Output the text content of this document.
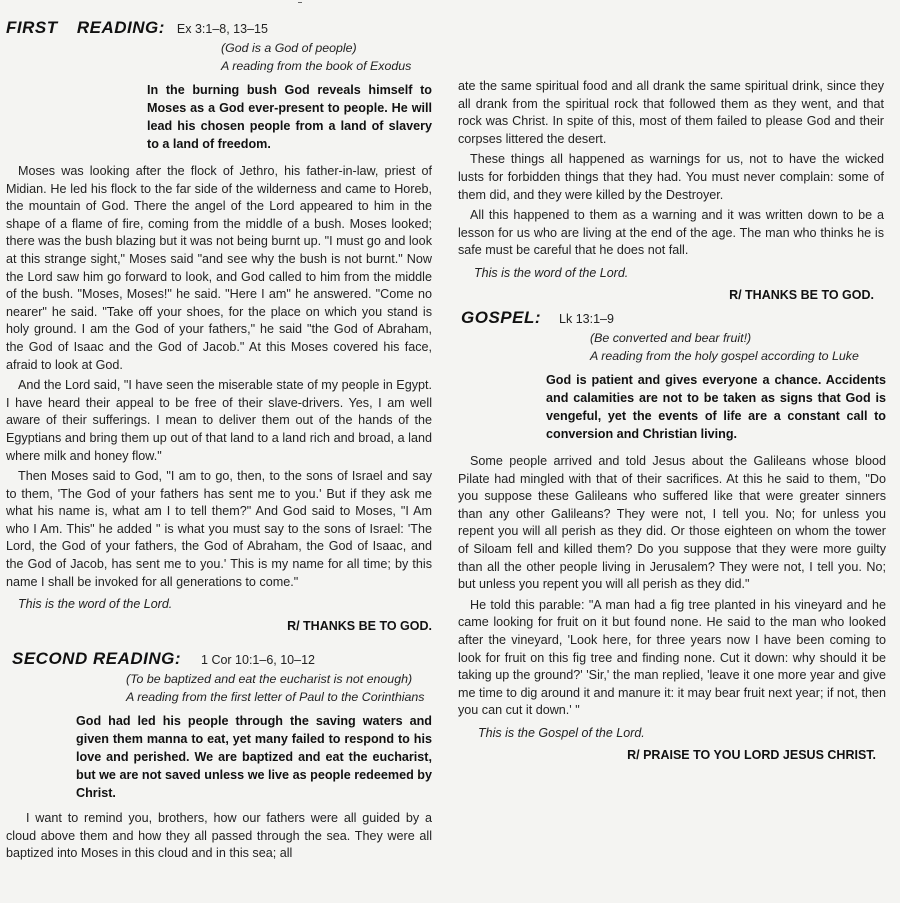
FIRST READING: Ex 3:1–8, 13–15
(God is a God of people)
A reading from the book of Exodus
In the burning bush God reveals himself to Moses as a God ever-present to people. He will lead his chosen people from a land of slavery to a land of freedom.

Moses was looking after the flock of Jethro, his father-in-law, priest of Midian. He led his flock to the far side of the wilderness and came to Horeb, the mountain of God. There the angel of the Lord appeared to him in the shape of a flame of fire, coming from the middle of a bush. Moses looked; there was the bush blazing but it was not being burnt up. "I must go and look at this strange sight," Moses said "and see why the bush is not burnt." Now the Lord saw him go forward to look, and God called to him from the middle of the bush. "Moses, Moses!" he said. "Here I am" he answered. "Come no nearer" he said. "Take off your shoes, for the place on which you stand is holy ground. I am the God of your fathers," he said "the God of Abraham, the God of Isaac and the God of Jacob." At this Moses covered his face, afraid to look at God.

And the Lord said, "I have seen the miserable state of my people in Egypt. I have heard their appeal to be free of their slave-drivers. Yes, I am well aware of their sufferings. I mean to deliver them out of the hands of the Egyptians and bring them up out of that land to a land rich and broad, a land where milk and honey flow."

Then Moses said to God, "I am to go, then, to the sons of Israel and say to them, 'The God of your fathers has sent me to you.' But if they ask me what his name is, what am I to tell them?" And God said to Moses, "I Am who I Am. This" he added " is what you must say to the sons of Israel: 'The Lord, the God of your fathers, the God of Abraham, the God of Isaac, and the God of Jacob, has sent me to you.' This is my name for all time; by this name I shall be invoked for all generations to come."

This is the word of the Lord.
R/ THANKS BE TO GOD.
SECOND READING: 1 Cor 10:1–6, 10–12
(To be baptized and eat the eucharist is not enough)
A reading from the first letter of Paul to the Corinthians
God had led his people through the saving waters and given them manna to eat, yet many failed to respond to his love and perished. We are baptized and eat the eucharist, but we are not saved unless we live as people redeemed by Christ.

I want to remind you, brothers, how our fathers were all guided by a cloud above them and how they all passed through the sea. They were all baptized into Moses in this cloud and in this sea; all

ate the same spiritual food and all drank the same spiritual drink, since they all drank from the spiritual rock that followed them as they went, and that rock was Christ. In spite of this, most of them failed to please God and their corpses littered the desert.

These things all happened as warnings for us, not to have the wicked lusts for forbidden things that they had. You must never complain: some of them did, and they were killed by the Destroyer.

All this happened to them as a warning and it was written down to be a lesson for us who are living at the end of the age. The man who thinks he is safe must be careful that he does not fall.

This is the word of the Lord.
R/ THANKS BE TO GOD.
GOSPEL: Lk 13:1–9
(Be converted and bear fruit!)
A reading from the holy gospel according to Luke
God is patient and gives everyone a chance. Accidents and calamities are not to be taken as signs that God is vengeful, yet the events of life are a constant call to conversion and Christian living.

Some people arrived and told Jesus about the Galileans whose blood Pilate had mingled with that of their sacrifices. At this he said to them, "Do you suppose these Galileans who suffered like that were greater sinners than any other Galileans? They were not, I tell you. No; for unless you repent you will all perish as they did. Or those eighteen on whom the tower of Siloam fell and killed them? Do you suppose that they were more guilty than all the other people living in Jerusalem? They were not, I tell you. No; but unless you repent you will all perish as they did."

He told this parable: "A man had a fig tree planted in his vineyard and he came looking for fruit on it but found none. He said to the man who looked after the vineyard, 'Look here, for three years now I have been coming to look for fruit on this fig tree and finding none. Cut it down: why should it be taking up the ground?' 'Sir,' the man replied, 'leave it one more year and give me time to dig around it and manure it: it may bear fruit next year; if not, then you can cut it down.' "

This is the Gospel of the Lord.
R/ PRAISE TO YOU LORD JESUS CHRIST.
